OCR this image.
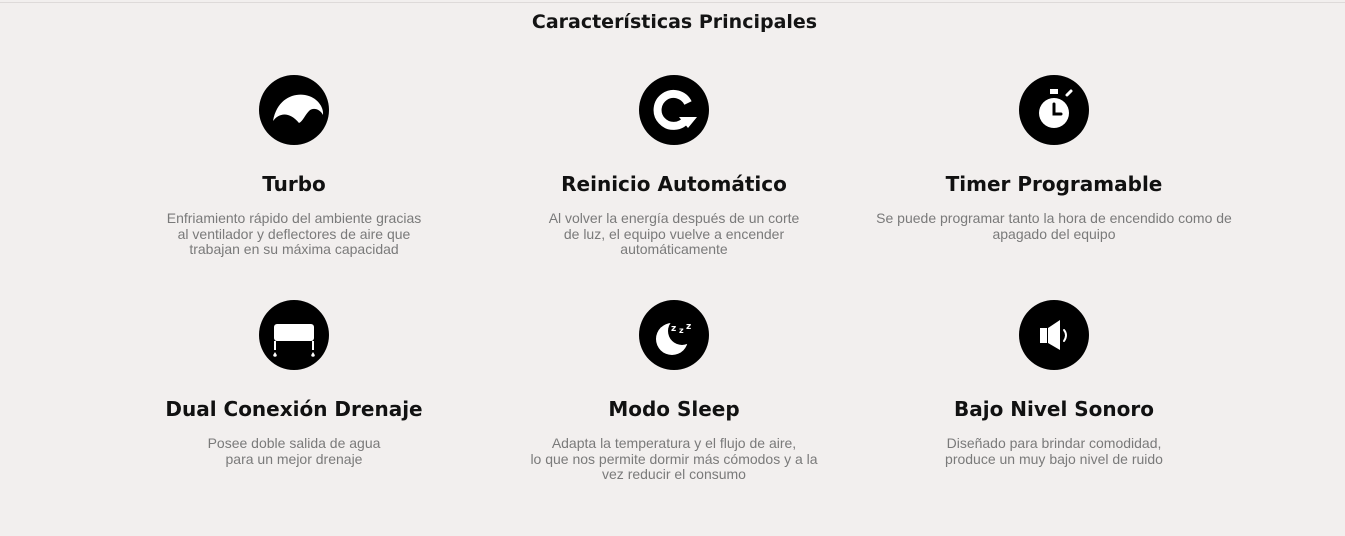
Características Principales
Turbo
Enfriamiento rápido del ambiente gracias
al ventilador y deflectores de aire que
trabajan en su máxima capacidad
Reinicio Automático
Al volver la energía después de un corte
de luz, el equipo vuelve a encender
automáticamente
Timer Programable
Se puede programar tanto la hora de encendido como de
apagado del equipo
Dual Conexión Drenaje
Posee doble salida de agua
para un mejor drenaje
z z z
Modo Sleep
Adapta la temperatura y el flujo de aire,
lo que nos permite dormir más cómodos y a la
vez reducir el consumo
Bajo Nivel Sonoro
Diseñado para brindar comodidad,
produce un muy bajo nivel de ruido
